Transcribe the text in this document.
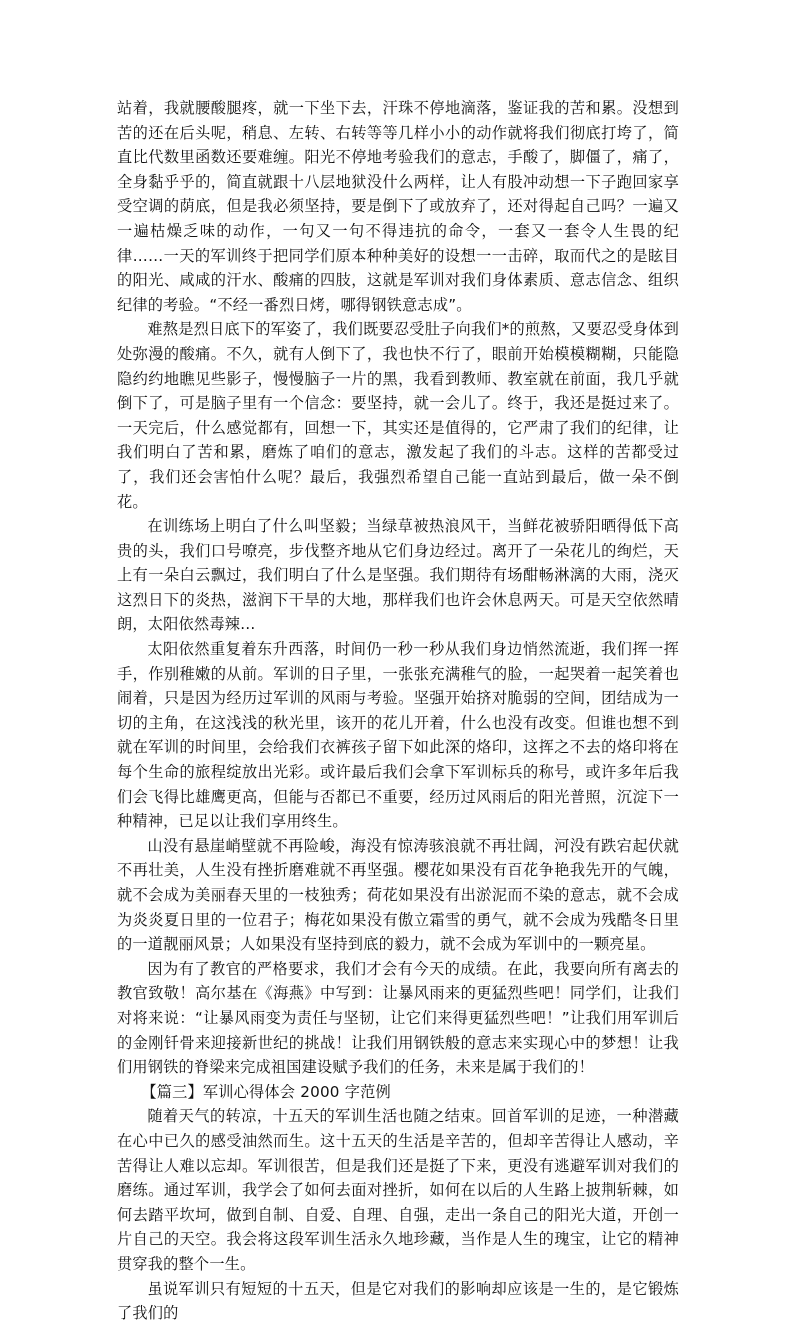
站着，我就腰酸腿疼，就一下坐下去，汗珠不停地滴落，鉴证我的苦和累。没想到苦的还在后头呢，稍息、左转、右转等等几样小小的动作就将我们彻底打垮了，简直比代数里函数还要难缠。阳光不停地考验我们的意志，手酸了，脚僵了，痛了，全身黏乎乎的，简直就跟十八层地狱没什么两样，让人有股冲动想一下子跑回家享受空调的荫底，但是我必须坚持，要是倒下了或放弃了，还对得起自己吗？一遍又一遍枯燥乏味的动作，一句又一句不得违抗的命令，一套又一套令人生畏的纪律……一天的军训终于把同学们原本种种美好的设想一一击碎，取而代之的是眩目的阳光、咸咸的汗水、酸痛的四肢，这就是军训对我们身体素质、意志信念、组织纪律的考验。“不经一番烈日烤，哪得钢铁意志成”。

难熬是烈日底下的军姿了，我们既要忍受肚子向我们*的煎熬，又要忍受身体到处弥漫的酸痛。不久，就有人倒下了，我也快不行了，眼前开始模模糊糊，只能隐隐约约地瞧见些影子，慢慢脑子一片的黑，我看到教师、教室就在前面，我几乎就倒下了，可是脑子里有一个信念：要坚持，就一会儿了。终于，我还是挺过来了。一天完后，什么感觉都有，回想一下，其实还是值得的，它严肃了我们的纪律，让我们明白了苦和累，磨炼了咱们的意志，激发起了我们的斗志。这样的苦都受过了，我们还会害怕什么呢？最后，我强烈希望自己能一直站到最后，做一朵不倒花。

在训练场上明白了什么叫坚毅；当绿草被热浪风干，当鲜花被骄阳晒得低下高贵的头，我们口号嘹亮，步伐整齐地从它们身边经过。离开了一朵花儿的绚烂，天上有一朵白云飘过，我们明白了什么是坚强。我们期待有场酣畅淋漓的大雨，浇灭这烈日下的炎热，滋润下干旱的大地，那样我们也许会休息两天。可是天空依然晴朗，太阳依然毒辣…

太阳依然重复着东升西落，时间仍一秒一秒从我们身边悄然流逝，我们挥一挥手，作别稚嫩的从前。军训的日子里，一张张充满稚气的脸，一起哭着一起笑着也闹着，只是因为经历过军训的风雨与考验。坚强开始挤对脆弱的空间，团结成为一切的主角，在这浅浅的秋光里，该开的花儿开着，什么也没有改变。但谁也想不到就在军训的时间里，会给我们衣裤孩子留下如此深的烙印，这挥之不去的烙印将在每个生命的旅程绽放出光彩。或许最后我们会拿下军训标兵的称号，或许多年后我们会飞得比雄鹰更高，但能与否都已不重要，经历过风雨后的阳光普照，沉淀下一种精神，已足以让我们享用终生。

山没有悬崖峭壁就不再险峻，海没有惊涛骇浪就不再壮阔，河没有跌宕起伏就不再壮美，人生没有挫折磨难就不再坚强。樱花如果没有百花争艳我先开的气魄，就不会成为美丽春天里的一枝独秀；荷花如果没有出淤泥而不染的意志，就不会成为炎炎夏日里的一位君子；梅花如果没有傲立霜雪的勇气，就不会成为残酷冬日里的一道靓丽风景；人如果没有坚持到底的毅力，就不会成为军训中的一颗亮星。

因为有了教官的严格要求，我们才会有今天的成绩。在此，我要向所有离去的教官致敬！高尔基在《海燕》中写到：让暴风雨来的更猛烈些吧！同学们，让我们对将来说：“让暴风雨变为责任与坚韧，让它们来得更猛烈些吧！”让我们用军训后的金刚钎骨来迎接新世纪的挑战！让我们用钢铁般的意志来实现心中的梦想！让我们用钢铁的脊梁来完成祖国建设赋予我们的任务，未来是属于我们的！

【篇三】军训心得体会 2000 字范例

随着天气的转凉，十五天的军训生活也随之结束。回首军训的足迹，一种潜藏在心中已久的感受油然而生。这十五天的生活是辛苦的，但却辛苦得让人感动，辛苦得让人难以忘却。军训很苦，但是我们还是挺了下来，更没有逃避军训对我们的磨练。通过军训，我学会了如何去面对挫折，如何在以后的人生路上披荆斩棘，如何去踏平坎坷，做到自制、自爱、自理、自强，走出一条自己的阳光大道，开创一片自己的天空。我会将这段军训生活永久地珍藏，当作是人生的瑰宝，让它的精神贯穿我的整个一生。

虽说军训只有短短的十五天，但是它对我们的影响却应该是一生的，是它锻炼了我们的
